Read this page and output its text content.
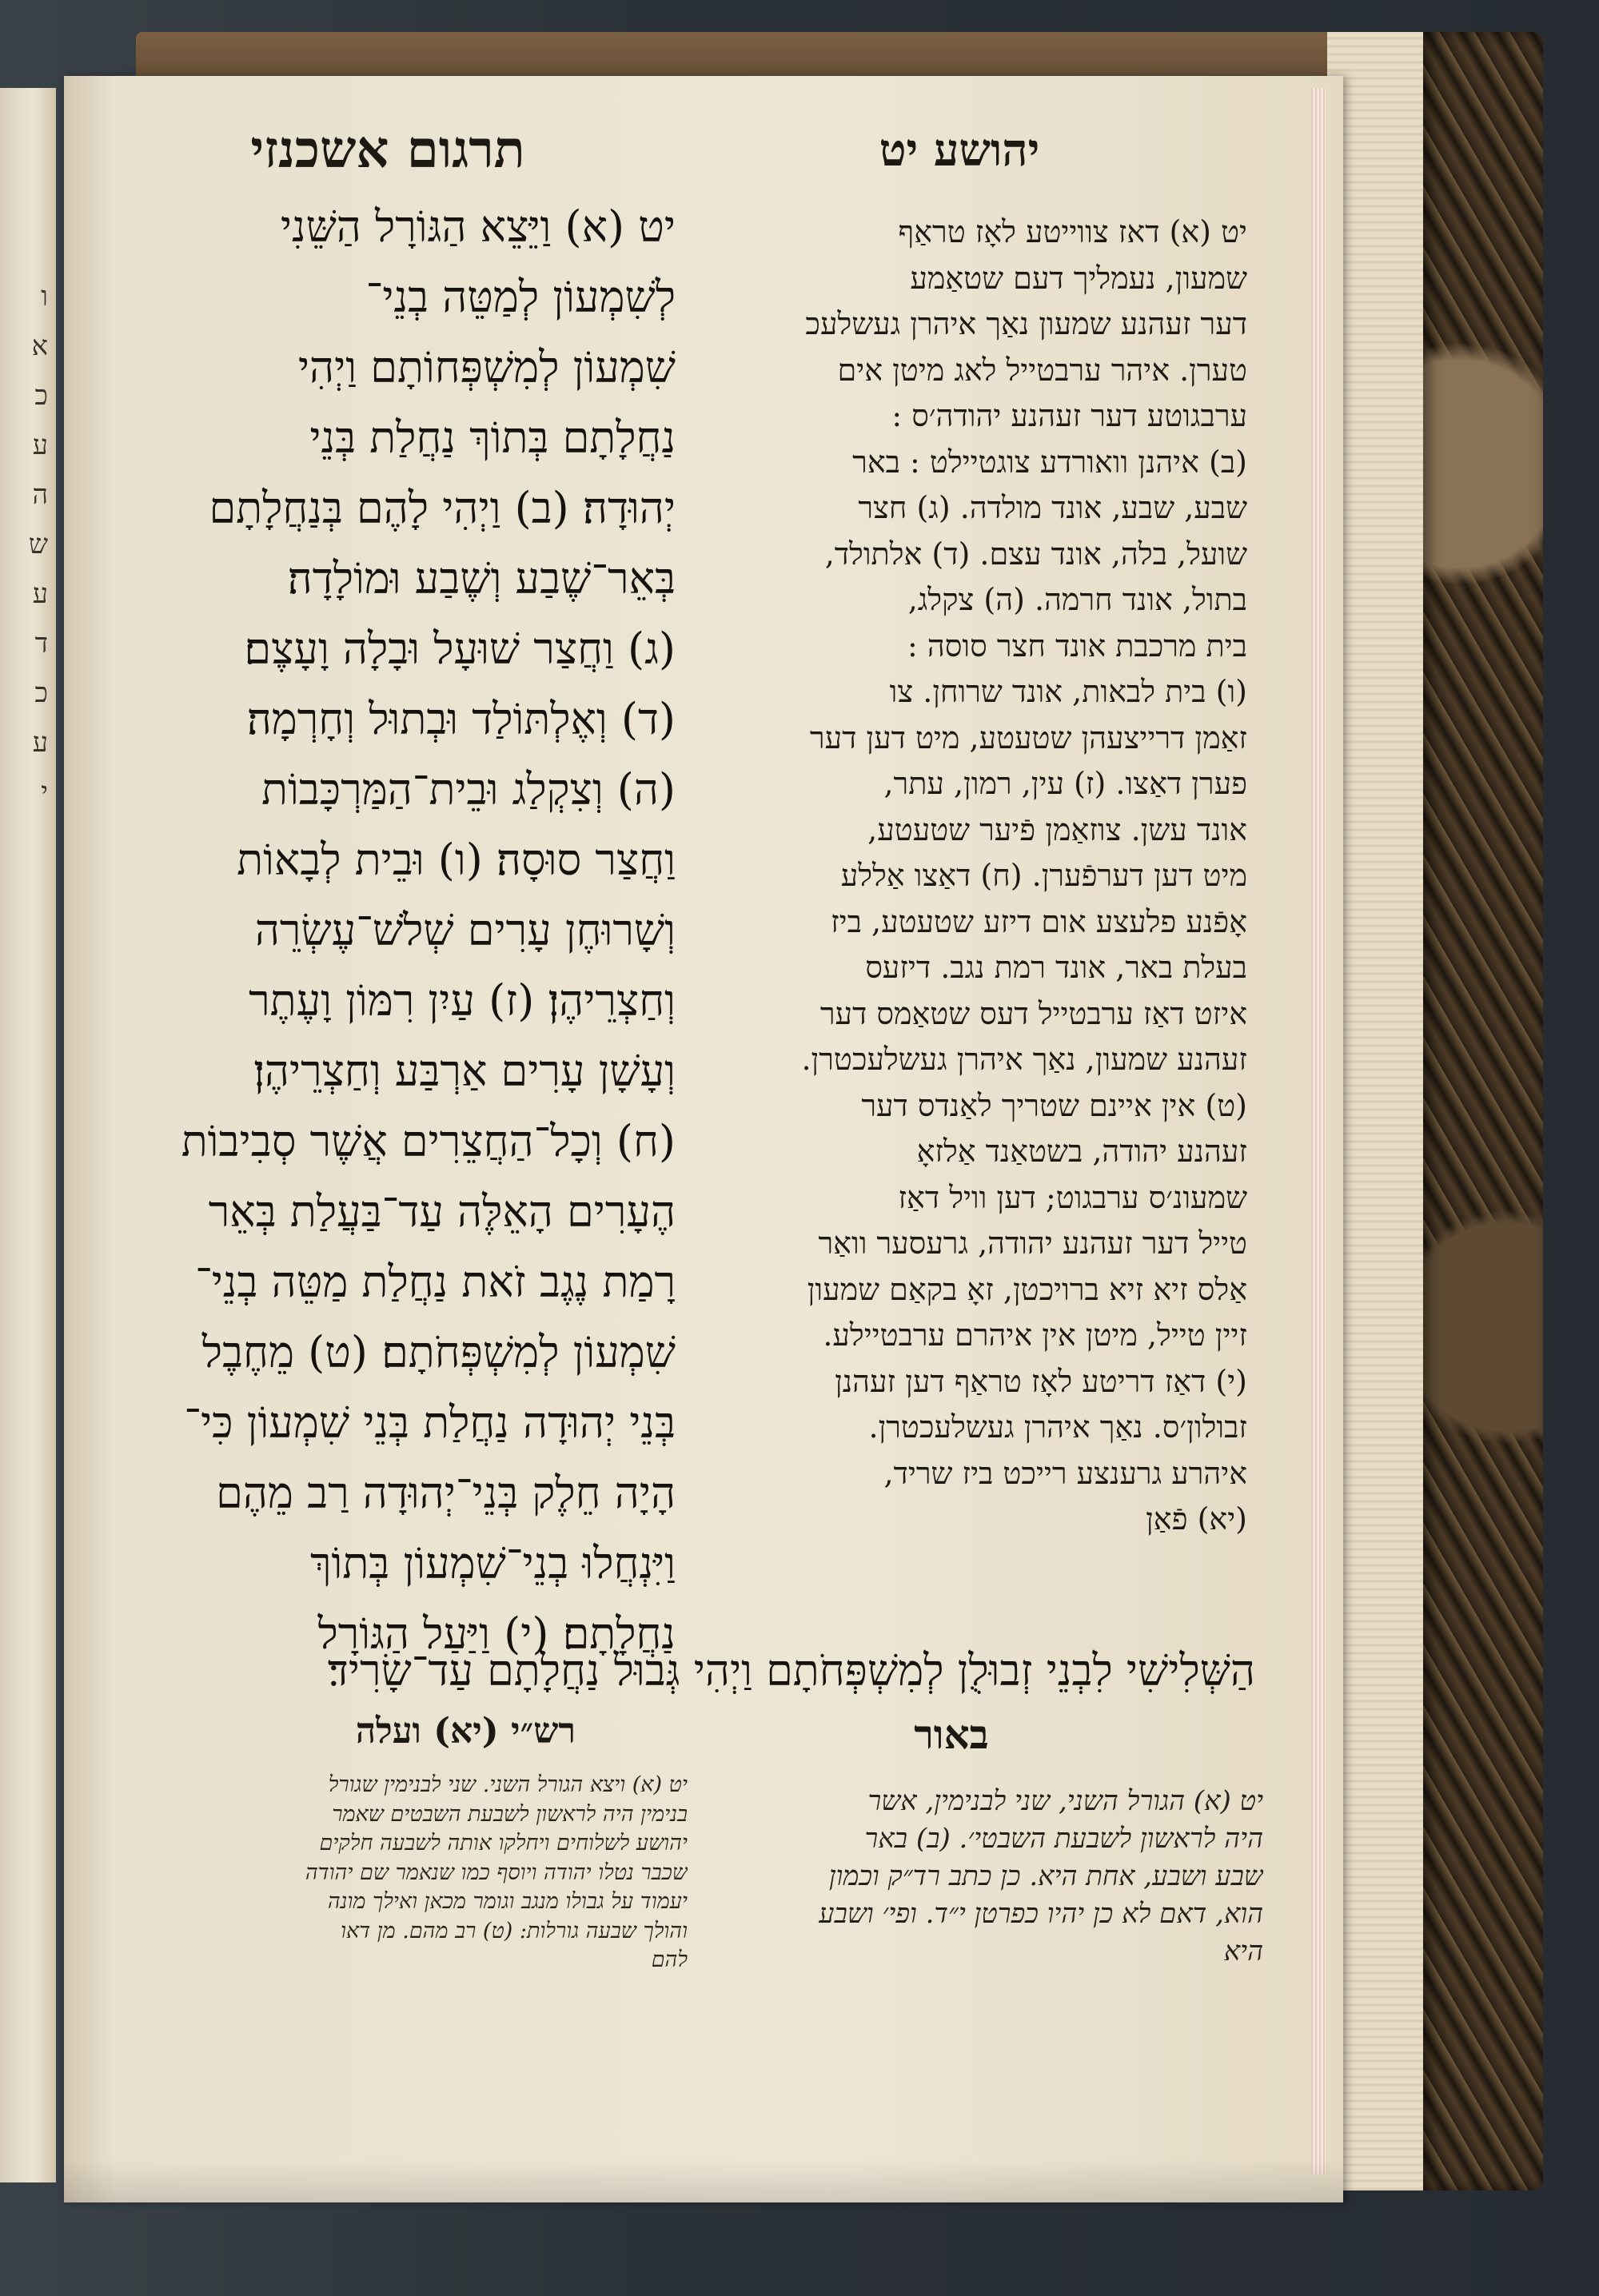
ו
א
כ
ע
ה
ש
ע
ד
כ
ע
י
יהושע יט
תרגום אשכנזי
יט (א) וַיֵּצֵא הַגּוֹרָל הַשֵּׁנִי
לְשִׁמְעוֹן לְמַטֵּה בְנֵי־
שִׁמְעוֹן לְמִשְׁפְּחוֹתָם וַיְהִי
נַחֲלָתָם בְּתוֹךְ נַחֲלַת בְּנֵי
יְהוּדָה׃ (ב) וַיְהִי לָהֶם בְּנַחֲלָתָם
בְּאֵר־שֶׁבַע וְשֶׁבַע וּמוֹלָדָה׃
(ג) וַחֲצַר שׁוּעָל וּבָלָה וָעָצֶם׃
(ד) וְאֶלְתּוֹלַד וּבְתוּל וְחָרְמָה׃
(ה) וְצִקְלַג וּבֵית־הַמַּרְכָּבוֹת
וַחֲצַר סוּסָה׃ (ו) וּבֵית לְבָאוֹת
וְשָׁרוּחֶן עָרִים שְׁלֹשׁ־עֶשְׂרֵה
וְחַצְרֵיהֶן׃ (ז) עַיִן רִמּוֹן וָעֶתֶר
וְעָשָׁן עָרִים אַרְבַּע וְחַצְרֵיהֶן׃
(ח) וְכָל־הַחֲצֵרִים אֲשֶׁר סְבִיבוֹת
הֶעָרִים הָאֵלֶּה עַד־בַּעֲלַת בְּאֵר
רָמַת נֶגֶב זֹאת נַחֲלַת מַטֵּה בְנֵי־
שִׁמְעוֹן לְמִשְׁפְּחֹתָם׃ (ט) מֵחֶבֶל
בְּנֵי יְהוּדָה נַחֲלַת בְּנֵי שִׁמְעוֹן כִּי־
הָיָה חֵלֶק בְּנֵי־יְהוּדָה רַב מֵהֶם
וַיִּנְחֲלוּ בְנֵי־שִׁמְעוֹן בְּתוֹךְ
נַחֲלָתָם׃ (י) וַיַּעַל הַגּוֹרָל
יט (א) דאז צווייטע לאָז טראַף
שמעון, נעמליך דעם שטאַמע
דער זעהנע שמעון נאַך איהרן געשלעכ
טערן. איהר ערבטייל לאג מיטן אים
ערבגוטע דער זעהנע יהודה׳ס :
(ב) איהנן וואורדע צוגטיילט : באר
שבע, שבע, אונד מולדה. (ג) חצר
שועל, בלה, אונד עצם. (ד) אלתולד,
בתול, אונד חרמה. (ה) צקלג,
בית מרכבת אונד חצר סוסה :
(ו) בית לבאות, אונד שרוחן. צו
זאַמן דרייצעהן שטעטע, מיט דען דער
פערן דאַצו. (ז) עין, רמון, עתר,
אונד עשן. צוזאַמן פֿיער שטעטע,
מיט דען דערפֿערן. (ח) דאַצו אַללע
אָפֿנע פלעצע אום דיזע שטעטע, ביז
בעלת באר, אונד רמת נגב. דיזעס
איזט דאַז ערבטייל דעס שטאַמס דער
זעהנע שמעון, נאַך איהרן געשלעכטרן.
(ט) אין איינם שטריך לאַנדס דער
זעהנע יהודה, בשטאַנד אַלזאָ
שמעונ׳ס ערבגוט; דען וויל דאַז
טייל דער זעהנע יהודה, גרעסער וואַר
אַלס זיא זיא ברויכטן, זאָ בקאַם שמעון
זיין טייל, מיטן אין איהרם ערבטיילע.
(י) דאַז דריטע לאָז טראַף דען זעהנן
זבולון׳ס. נאַך איהרן געשלעכטרן.
איהרע גרענצע רייכט ביז שריד,
(יא) פֿאַן
הַשְּׁלִישִׁי לִבְנֵי זְבוּלֻן לְמִשְׁפְּחֹתָם וַיְהִי גְּבוּל נַחֲלָתָם עַד־שָׂרִיד׃
רש״י (יא) ועלה	באור
יט (א) ויצא הגורל השני. שני לבנימין שגורל
בנימין היה לראשון לשבעת השבטים שאמר
יהושע לשלוחים ויחלקו אותה לשבעה חלקים
שכבר נטלו יהודה ויוסף כמו שנאמר שם יהודה
יעמוד על גבולו מנגב וגומר מכאן ואילך מונה
והולך שבעה גורלות: (ט) רב מהם. מן דאו
להם
יט (א) הגורל השני, שני לבנימין, אשר
היה לראשון לשבעת השבטי׳. (ב) באר
שבע ושבע, אחת היא. כן כתב רד״ק וכמון
הוא, דאם לא כן יהיו כפרטן י״ד. ופי׳ ושבע
היא
